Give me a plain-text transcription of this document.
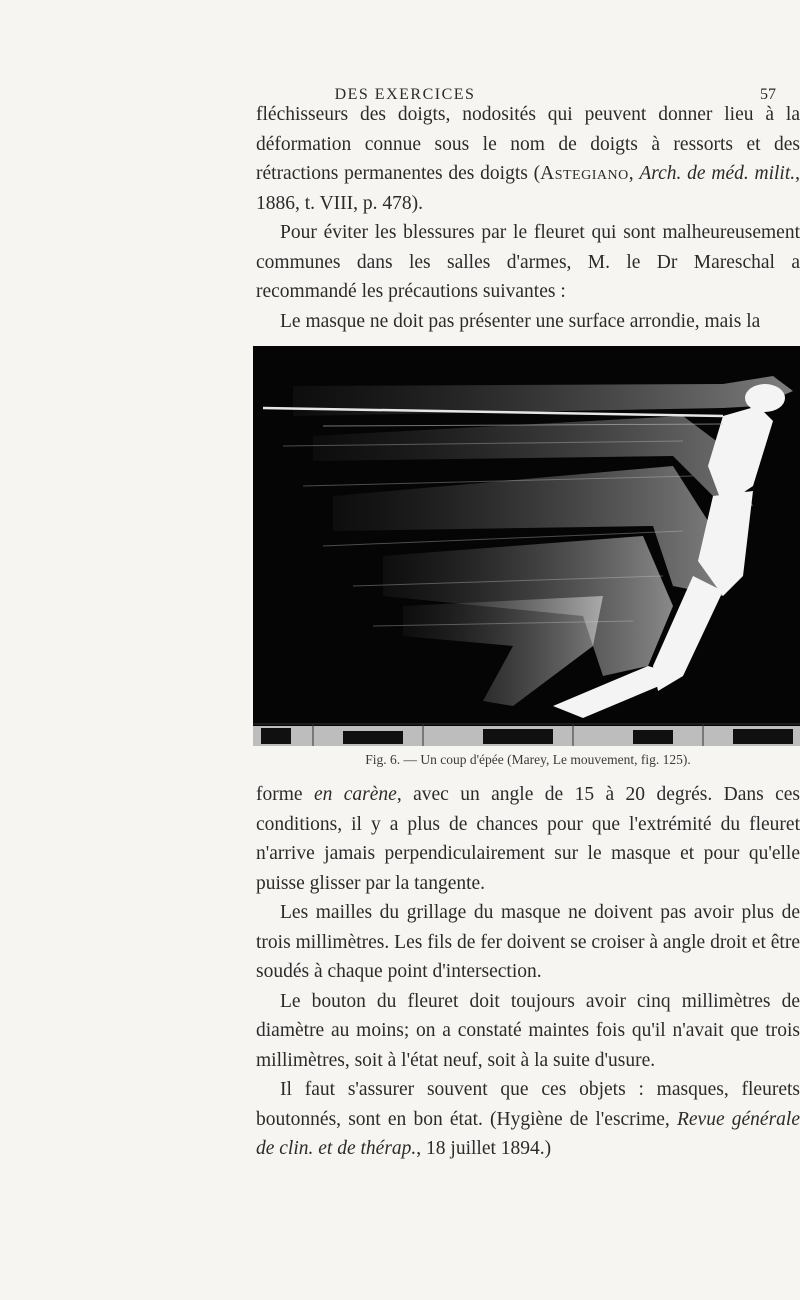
DES EXERCICES	57

fléchisseurs des doigts, nodosités qui peuvent donner lieu à la déformation connue sous le nom de doigts à ressorts et des rétractions permanentes des doigts (Astegiano, Arch. de méd. milit., 1886, t. VIII, p. 478).

Pour éviter les blessures par le fleuret qui sont malheureusement communes dans les salles d'armes, M. le Dr Mareschal a recommandé les précautions suivantes :

Le masque ne doit pas présenter une surface arrondie, mais la

Fig. 6. — Un coup d'épée (Marey, Le mouvement, fig. 125).

forme en carène, avec un angle de 15 à 20 degrés. Dans ces conditions, il y a plus de chances pour que l'extrémité du fleuret n'arrive jamais perpendiculairement sur le masque et pour qu'elle puisse glisser par la tangente.

Les mailles du grillage du masque ne doivent pas avoir plus de trois millimètres. Les fils de fer doivent se croiser à angle droit et être soudés à chaque point d'intersection.

Le bouton du fleuret doit toujours avoir cinq millimètres de diamètre au moins; on a constaté maintes fois qu'il n'avait que trois millimètres, soit à l'état neuf, soit à la suite d'usure.

Il faut s'assurer souvent que ces objets : masques, fleurets boutonnés, sont en bon état. (Hygiène de l'escrime, Revue générale de clin. et de thérap., 18 juillet 1894.)
